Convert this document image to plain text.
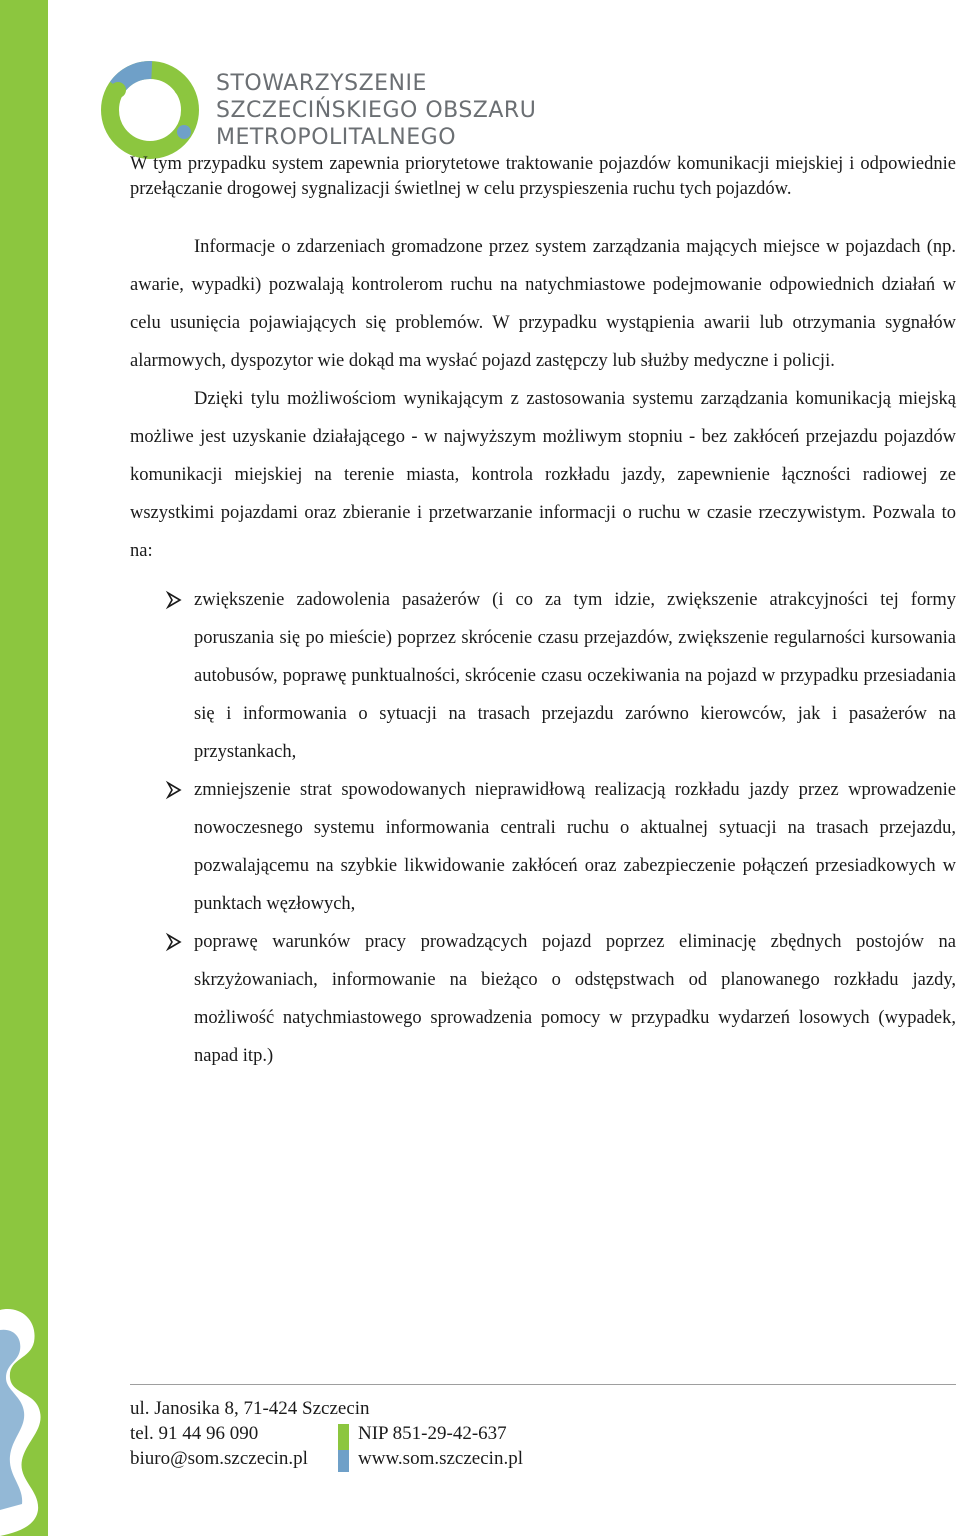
STOWARZYSZENIE
SZCZECIŃSKIEGO OBSZARU
METROPOLITALNEGO

W tym przypadku system zapewnia priorytetowe traktowanie pojazdów komunikacji miejskiej i odpowiednie przełączanie drogowej sygnalizacji świetlnej w celu przyspieszenia ruchu tych pojazdów.

Informacje o zdarzeniach gromadzone przez system zarządzania mających miejsce w pojazdach (np. awarie, wypadki) pozwalają kontrolerom ruchu na natychmiastowe podejmowanie odpowiednich działań w celu usunięcia pojawiających się problemów. W przypadku wystąpienia awarii lub otrzymania sygnałów alarmowych, dyspozytor wie dokąd ma wysłać pojazd zastępczy lub służby medyczne i policji.

Dzięki tylu możliwościom wynikającym z zastosowania systemu zarządzania komunikacją miejską możliwe jest uzyskanie działającego - w najwyższym możliwym stopniu - bez zakłóceń przejazdu pojazdów komunikacji miejskiej na terenie miasta, kontrola rozkładu jazdy, zapewnienie łączności radiowej ze wszystkimi pojazdami oraz zbieranie i przetwarzanie informacji o ruchu w czasie rzeczywistym. Pozwala to na:

zwiększenie zadowolenia pasażerów (i co za tym idzie, zwiększenie atrakcyjności tej formy poruszania się po mieście) poprzez skrócenie czasu przejazdów, zwiększenie regularności kursowania autobusów, poprawę punktualności, skrócenie czasu oczekiwania na pojazd w przypadku przesiadania się i informowania o sytuacji na trasach przejazdu zarówno kierowców, jak i pasażerów na przystankach,
zmniejszenie strat spowodowanych nieprawidłową realizacją rozkładu jazdy przez wprowadzenie nowoczesnego systemu informowania centrali ruchu o aktualnej sytuacji na trasach przejazdu, pozwalającemu na szybkie likwidowanie zakłóceń oraz zabezpieczenie połączeń przesiadkowych w punktach węzłowych,
poprawę warunków pracy prowadzących pojazd poprzez eliminację zbędnych postojów na skrzyżowaniach, informowanie na bieżąco o odstępstwach od planowanego rozkładu jazdy, możliwość natychmiastowego sprowadzenia pomocy w przypadku wydarzeń losowych (wypadek, napad itp.)
ul. Janosika 8, 71-424 Szczecin
tel. 91 44 96 090	NIP 851-29-42-637
biuro@som.szczecin.pl	www.som.szczecin.pl
